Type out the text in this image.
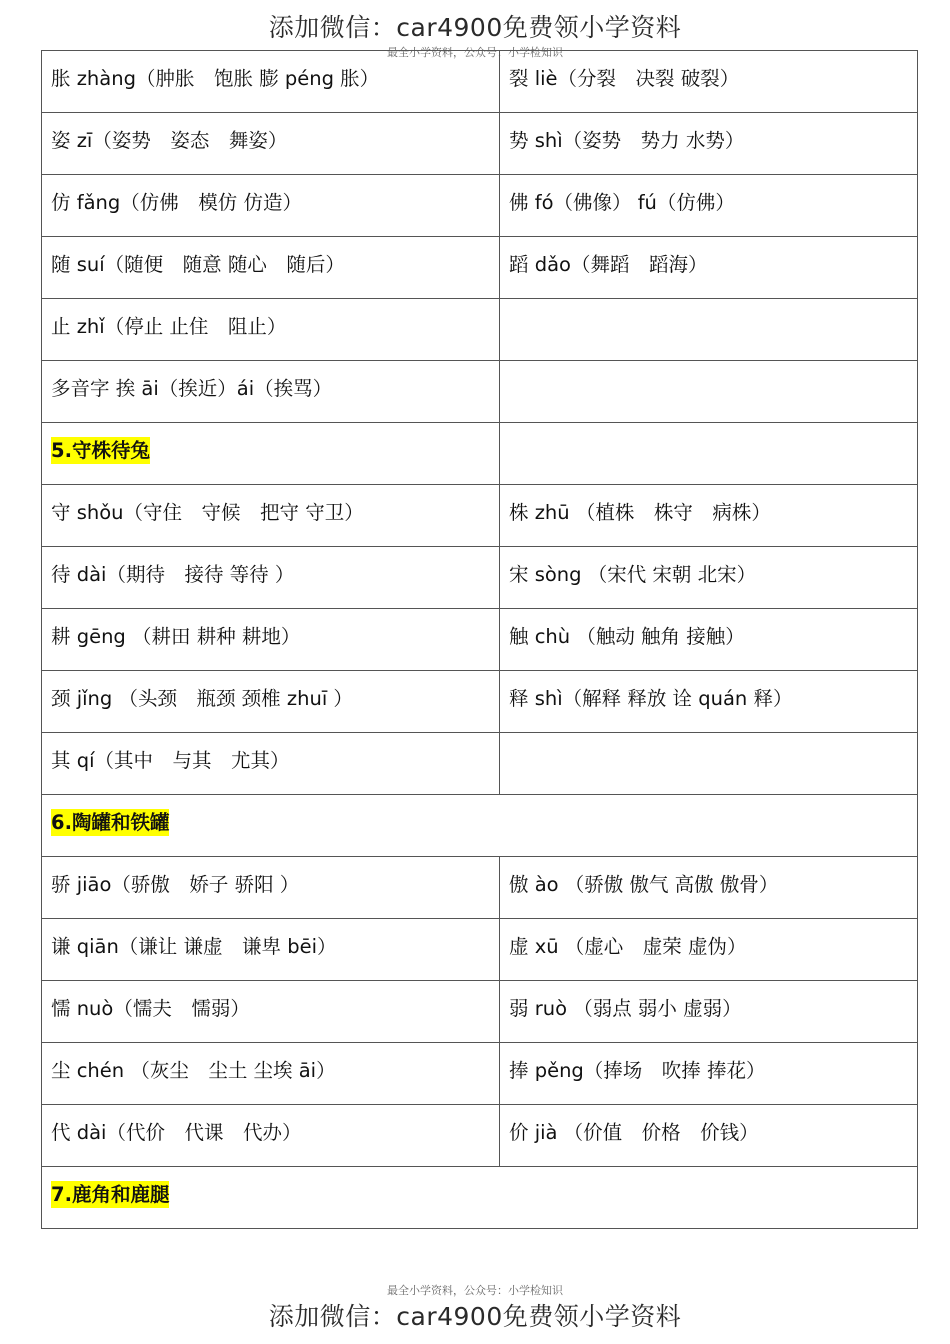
添加微信：car4900免费领小学资料
最全小学资料，公众号：小学检知识
胀 zhàng（肿胀　饱胀 膨 péng 胀）	裂 liè（分裂　决裂 破裂）
姿 zī（姿势　姿态　舞姿）	势 shì（姿势　势力 水势）
仿 fǎng（仿佛　模仿 仿造）	佛 fó（佛像） fú（仿佛）
随 suí（随便　随意 随心　随后）	蹈 dǎo（舞蹈　蹈海）
止 zhǐ（停止 止住　阻止）	
多音字 挨 āi（挨近）ái（挨骂）	
5.守株待兔	
守 shǒu（守住　守候　把守 守卫）	株 zhū （植株　株守　病株）
待 dài（期待　接待 等待 ）	宋 sòng （宋代 宋朝 北宋）
耕 gēng （耕田 耕种 耕地）	触 chù （触动 触角 接触）
颈 jǐng （头颈　瓶颈 颈椎 zhuī ）	释 shì（解释 释放 诠 quán 释）
其 qí（其中　与其　尤其）	
6.陶罐和铁罐	
骄 jiāo（骄傲　娇子 骄阳 ）	傲 ào （骄傲 傲气 高傲 傲骨）
谦 qiān（谦让 谦虚　谦卑 bēi）	虚 xū （虚心　虚荣 虚伪）
懦 nuò（懦夫　懦弱）	弱 ruò （弱点 弱小 虚弱）
尘 chén （灰尘　尘土 尘埃 āi）	捧 pěng（捧场　吹捧 捧花）
代 dài（代价　代课　代办）	价 jià （价值　价格　价钱）
7.鹿角和鹿腿	
最全小学资料，公众号：小学检知识
添加微信：car4900免费领小学资料
